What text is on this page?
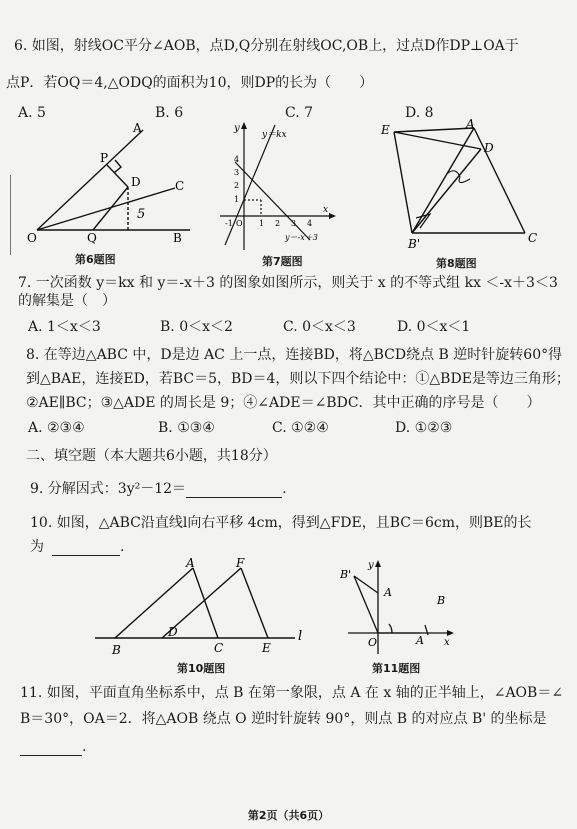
6. 如图，射线OC平分∠AOB，点D,Q分别在射线OC,OB上，过点D作DP⊥OA于
点P．若OQ＝4,△ODQ的面积为10，则DP的长为（　　）
A. 5	B. 6	C. 7	D. 8
A
P
D	C
O	Q	B
5
第6题图
y
y＝kx
4
3
2
1
-1 O 1 2 3 4
x
y＝-x＋3
第7题图
E	A
D
B'	C
第8题图
7. 一次函数 y＝kx 和 y＝-x＋3 的图象如图所示，则关于 x 的不等式组 kx ＜-x＋3＜3
的解集是（　）
A. 1＜x＜3	B. 0＜x＜2	C. 0＜x＜3	D. 0＜x＜1
8. 在等边△ABC 中，D是边 AC 上一点，连接BD，将△BCD绕点 B 逆时针旋转60°得
到△BAE，连接ED，若BC＝5，BD＝4，则以下四个结论中：①△BDE是等边三角形；
②AE∥BC；③△ADE 的周长是 9；④∠ADE＝∠BDC．其中正确的序号是（　　）
A. ②③④	B. ①③④	C. ①②④	D. ①②③
二、填空题（本大题共6小题，共18分）
9. 分解因式：3y²－12＝	.
10. 如图，△ABC沿直线l向右平移 4cm，得到△FDE，且BC＝6cm，则BE的长
为	.
A	F
B
D
C	E
l
第10题图
y
B'
A
B
O	A x
第11题图
11. 如图，平面直角坐标系中，点 B 在第一象限，点 A 在 x 轴的正半轴上，∠AOB＝∠
B＝30°，OA＝2．将△AOB 绕点 O 逆时针旋转 90°，则点 B 的对应点 B' 的坐标是
.
第2页（共6页）
